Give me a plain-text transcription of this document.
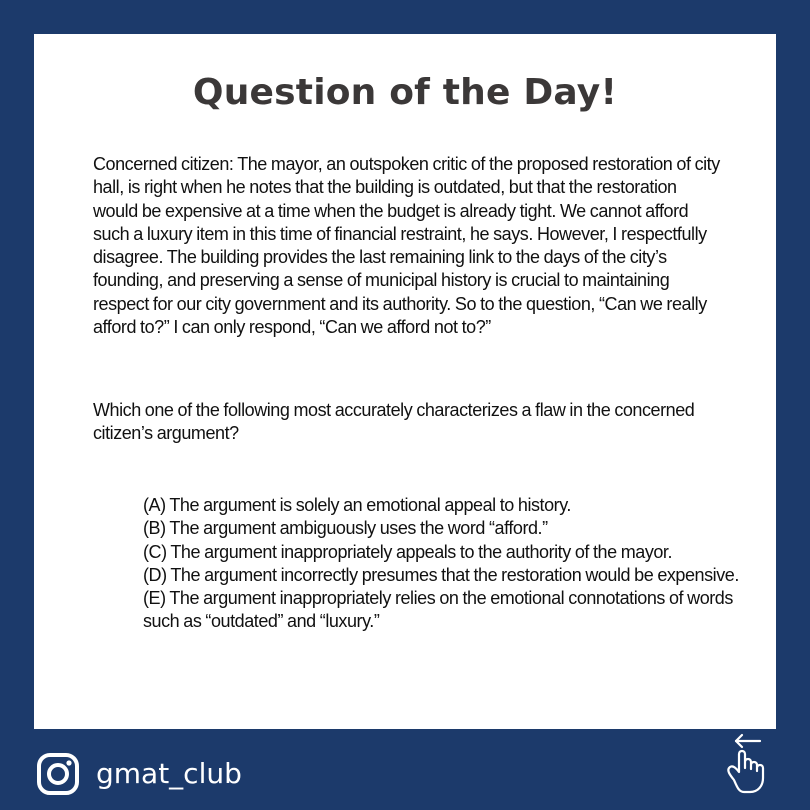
Question of the Day!
Concerned citizen: The mayor, an outspoken critic of the proposed restoration of city hall, is right when he notes that the building is outdated, but that the restoration would be expensive at a time when the budget is already tight. We cannot afford such a luxury item in this time of financial restraint, he says. However, I respectfully disagree. The building provides the last remaining link to the days of the city’s founding, and preserving a sense of municipal history is crucial to maintaining respect for our city government and its authority. So to the question, “Can we really afford to?” I can only respond, “Can we afford not to?”
Which one of the following most accurately characterizes a flaw in the concerned citizen’s argument?
(A) The argument is solely an emotional appeal to history.
(B) The argument ambiguously uses the word “afford.”
(C) The argument inappropriately appeals to the authority of the mayor.
(D) The argument incorrectly presumes that the restoration would be expensive.
(E) The argument inappropriately relies on the emotional connotations of words such as “outdated” and “luxury.”
gmat_club
